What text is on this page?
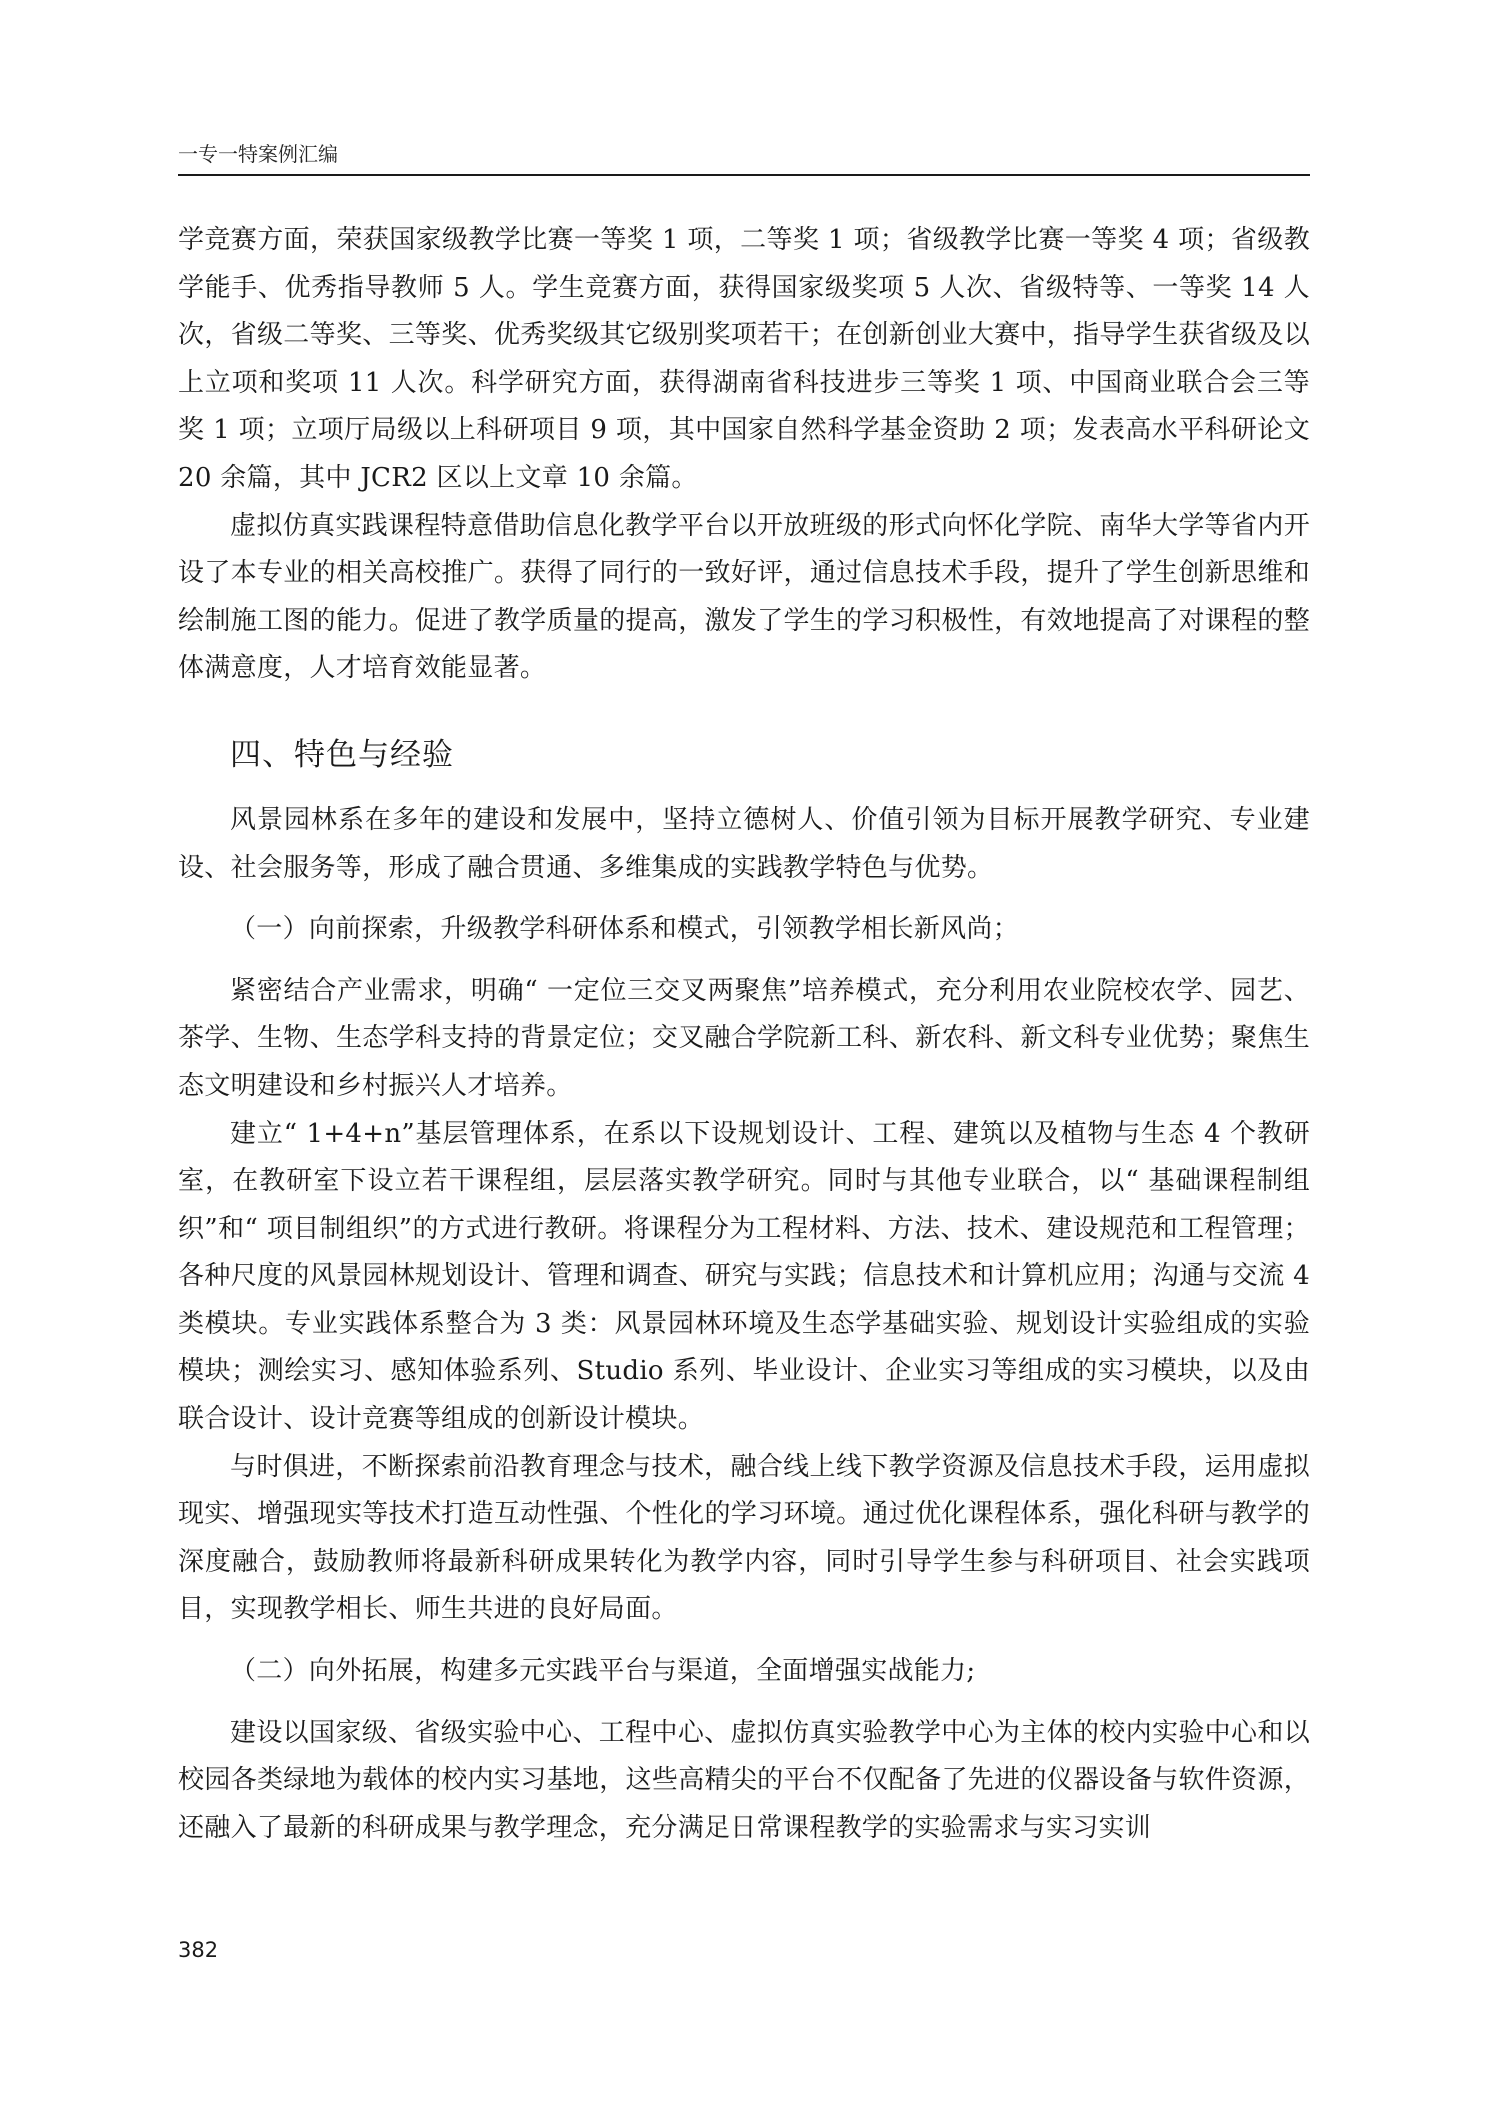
一专一特案例汇编

学竞赛方面，荣获国家级教学比赛一等奖 1 项，二等奖 1 项；省级教学比赛一等奖 4 项；省级教学能手、优秀指导教师 5 人。学生竞赛方面，获得国家级奖项 5 人次、省级特等、一等奖 14 人次，省级二等奖、三等奖、优秀奖级其它级别奖项若干；在创新创业大赛中，指导学生获省级及以上立项和奖项 11 人次。科学研究方面，获得湖南省科技进步三等奖 1 项、中国商业联合会三等奖 1 项；立项厅局级以上科研项目 9 项，其中国家自然科学基金资助 2 项；发表高水平科研论文 20 余篇，其中 JCR2 区以上文章 10 余篇。

虚拟仿真实践课程特意借助信息化教学平台以开放班级的形式向怀化学院、南华大学等省内开设了本专业的相关高校推广。获得了同行的一致好评，通过信息技术手段，提升了学生创新思维和绘制施工图的能力。促进了教学质量的提高，激发了学生的学习积极性，有效地提高了对课程的整体满意度，人才培育效能显著。

四、特色与经验

风景园林系在多年的建设和发展中，坚持立德树人、价值引领为目标开展教学研究、专业建设、社会服务等，形成了融合贯通、多维集成的实践教学特色与优势。

（一）向前探索，升级教学科研体系和模式，引领教学相长新风尚；

紧密结合产业需求，明确“ 一定位三交叉两聚焦”培养模式，充分利用农业院校农学、园艺、茶学、生物、生态学科支持的背景定位；交叉融合学院新工科、新农科、新文科专业优势；聚焦生态文明建设和乡村振兴人才培养。

建立“ 1+4+n”基层管理体系，在系以下设规划设计、工程、建筑以及植物与生态 4 个教研室，在教研室下设立若干课程组，层层落实教学研究。同时与其他专业联合，以“ 基础课程制组织”和“ 项目制组织”的方式进行教研。将课程分为工程材料、方法、技术、建设规范和工程管理；各种尺度的风景园林规划设计、管理和调查、研究与实践；信息技术和计算机应用；沟通与交流 4 类模块。专业实践体系整合为 3 类：风景园林环境及生态学基础实验、规划设计实验组成的实验模块；测绘实习、感知体验系列、Studio 系列、毕业设计、企业实习等组成的实习模块，以及由联合设计、设计竞赛等组成的创新设计模块。

与时俱进，不断探索前沿教育理念与技术，融合线上线下教学资源及信息技术手段，运用虚拟现实、增强现实等技术打造互动性强、个性化的学习环境。通过优化课程体系，强化科研与教学的深度融合，鼓励教师将最新科研成果转化为教学内容，同时引导学生参与科研项目、社会实践项目，实现教学相长、师生共进的良好局面。

（二）向外拓展，构建多元实践平台与渠道，全面增强实战能力;

建设以国家级、省级实验中心、工程中心、虚拟仿真实验教学中心为主体的校内实验中心和以校园各类绿地为载体的校内实习基地，这些高精尖的平台不仅配备了先进的仪器设备与软件资源，还融入了最新的科研成果与教学理念，充分满足日常课程教学的实验需求与实习实训

382
